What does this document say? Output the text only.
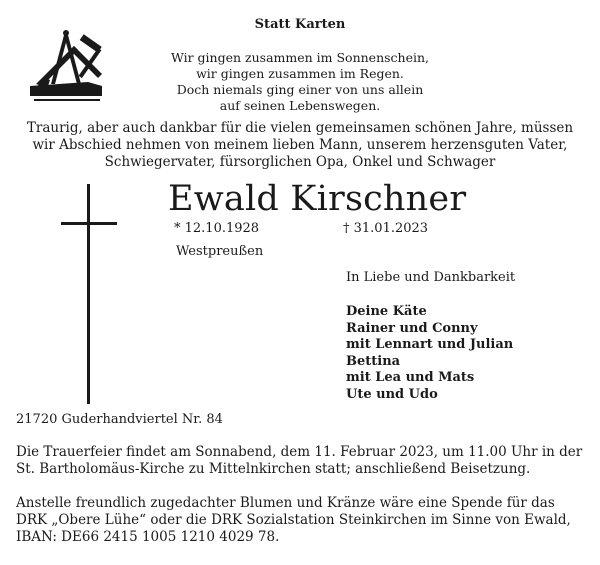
Statt Karten
Wir gingen zusammen im Sonnenschein,
wir gingen zusammen im Regen.
Doch niemals ging einer von uns allein
auf seinen Lebenswegen.
Traurig, aber auch dankbar für die vielen gemeinsamen schönen Jahre, müssen
wir Abschied nehmen von meinem lieben Mann, unserem herzensguten Vater,
Schwiegervater, fürsorglichen Opa, Onkel und Schwager
Ewald Kirschner
* 12.10.1928	† 31.01.2023
Westpreußen
In Liebe und Dankbarkeit
Deine Käte
Rainer und Conny
mit Lennart und Julian
Bettina
mit Lea und Mats
Ute und Udo
21720 Guderhandviertel Nr. 84
Die Trauerfeier findet am Sonnabend, dem 11. Februar 2023, um 11.00 Uhr in der
St. Bartholomäus-Kirche zu Mittelnkirchen statt; anschließend Beisetzung.
Anstelle freundlich zugedachter Blumen und Kränze wäre eine Spende für das
DRK „Obere Lühe“ oder die DRK Sozialstation Steinkirchen im Sinne von Ewald,
IBAN: DE66 2415 1005 1210 4029 78.
